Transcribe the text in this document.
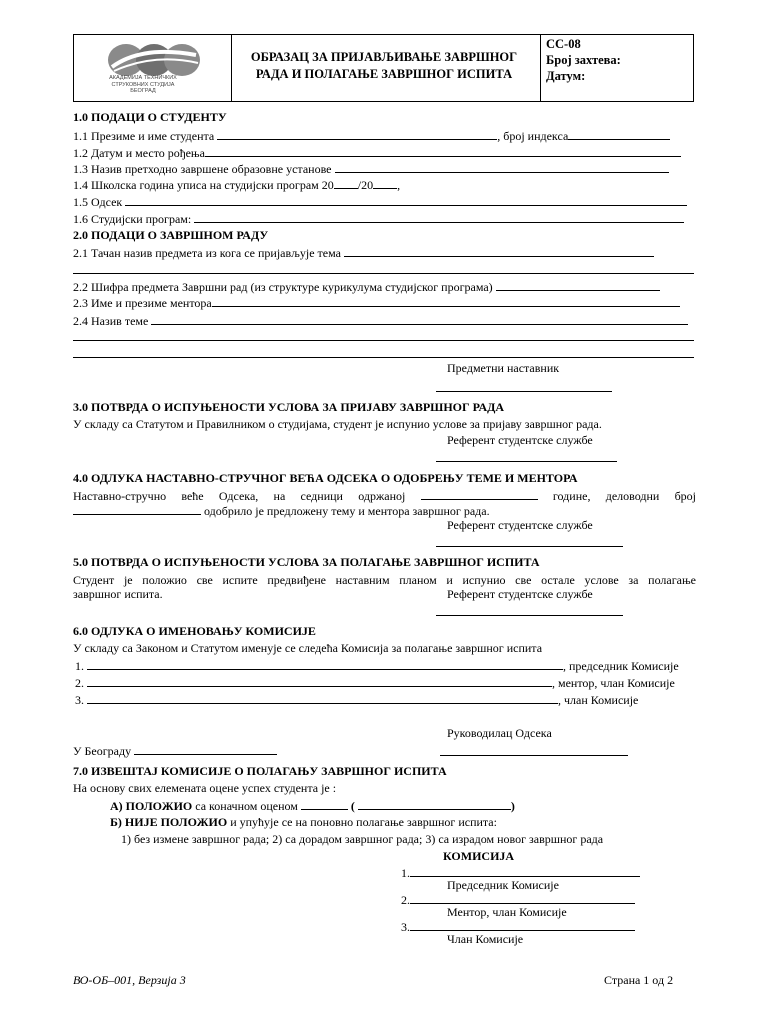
АКАДЕМИЈА ТЕХНИЧКИХ
СТРУКОВНИХ СТУДИЈА
БЕОГРАД
ОБРАЗАЦ ЗА ПРИЈАВЉИВАЊЕ ЗАВРШНОГ
РАДА И ПОЛАГАЊЕ ЗАВРШНОГ ИСПИТА
СС-08
Број захтева:
Датум:
1.0 ПОДАЦИ О СТУДЕНТУ
1.1 Презиме и име студента	, број индекса
1.2 Датум и место рођења
1.3 Назив претходно завршене образовне установе
1.4 Школска година уписа на студијски програм 20 /20 ,
1.5 Одсек
1.6 Студијски програм:
2.0 ПОДАЦИ О ЗАВРШНОМ РАДУ
2.1 Тачан назив предмета из кога се пријављује тема
2.2 Шифра предмета Завршни рад (из структуре курикулума студијског програма)
2.3 Име и презиме ментора
2.4 Назив теме
Предметни наставник
3.0 ПОТВРДА О ИСПУЊЕНОСТИ УСЛОВА ЗА ПРИЈАВУ ЗАВРШНОГ РАДА
У складу са Статутом и Правилником о студијама, студент је испунио услове за пријаву завршног рада.
Референт студентске службе
4.0 ОДЛУКА НАСТАВНО-СТРУЧНОГ ВЕЋА ОДСЕКА О ОДОБРЕЊУ ТЕМЕ И МЕНТОРА
Наставно-стручно веће Одсека, на седници одржаној	године, деловодни број
одобрило је предложену тему и ментора завршног рада.
Референт студентске службе
5.0 ПОТВРДА О ИСПУЊЕНОСТИ УСЛОВА ЗА ПОЛАГАЊЕ ЗАВРШНОГ ИСПИТА
Студент је положио све испите предвиђене наставним планом и испунио све остале услове за полагање
завршног испита.	Референт студентске службе
6.0 ОДЛУКА О ИМЕНОВАЊУ КОМИСИЈЕ
У складу са Законом и Статутом именује се следећа Комисија за полагање завршног испита
1.	, председник Комисије
2.	, ментор, члан Комисије
3.	, члан Комисије
Руководилац Одсека
У Београду
7.0 ИЗВЕШТАЈ КОМИСИЈЕ О ПОЛАГАЊУ ЗАВРШНОГ ИСПИТА
На основу свих елемената оцене успех студента је :
А) ПОЛОЖИО са коначном оценом	(	)
Б) НИЈЕ ПОЛОЖИО и упућује се на поновно полагање завршног испита:
1) без измене завршног рада; 2) са дорадом завршног рада; 3) са израдом новог завршног рада
КОМИСИЈА
1.
Председник Комисије
2.
Ментор, члан Комисије
3.
Члан Комисије
ВО-ОБ–001, Верзија 3	Страна 1 од 2
